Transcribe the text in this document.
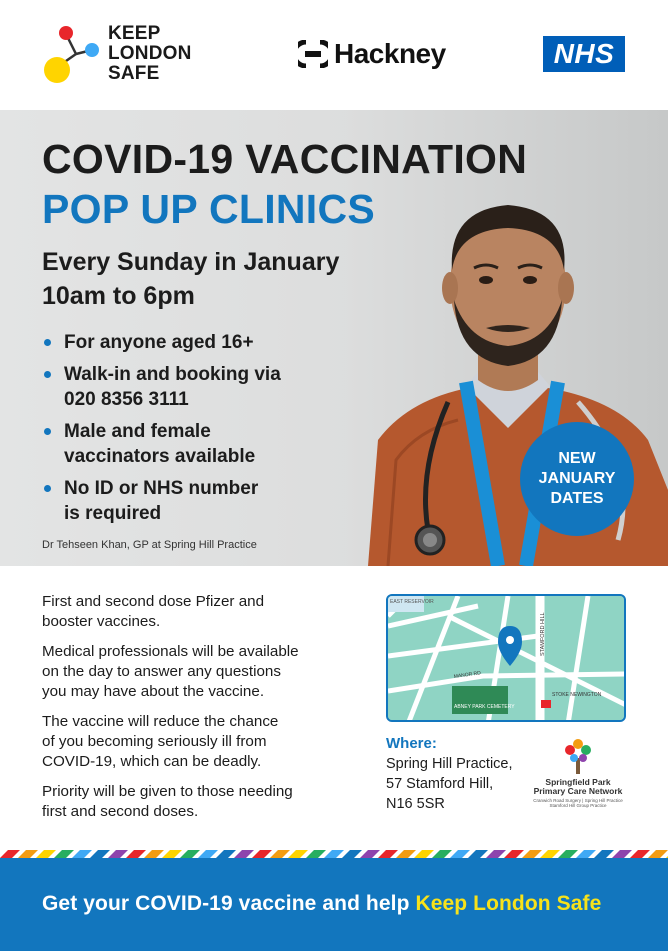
KEEP
LONDON
SAFE
Hackney	NHS
COVID-19 VACCINATION
POP UP CLINICS
Every Sunday in January
10am to 6pm
For anyone aged 16+
Walk-in and booking via
020 8356 3111
Male and female
vaccinators available
No ID or NHS number
is required
Dr Tehseen Khan, GP at Spring Hill Practice
NEW
JANUARY
DATES

First and second dose Pfizer and
booster vaccines.

Medical professionals will be available
on the day to answer any questions
you may have about the vaccine.

The vaccine will reduce the chance
of you becoming seriously ill from
COVID-19, which can be deadly.

Priority will be given to those needing
first and second doses.

EAST RESERVOIR
STAMFORD HILL
MANOR RD
STOKE NEWINGTON
ABNEY PARK CEMETERY
Where:
Spring Hill Practice,
57 Stamford Hill,
N16 5SR
Springfield Park
Primary Care Network
Cranwich Road Surgery | Spring Hill Practice
Stamford Hill Group Practice
Get your COVID-19 vaccine and help Keep London Safe
